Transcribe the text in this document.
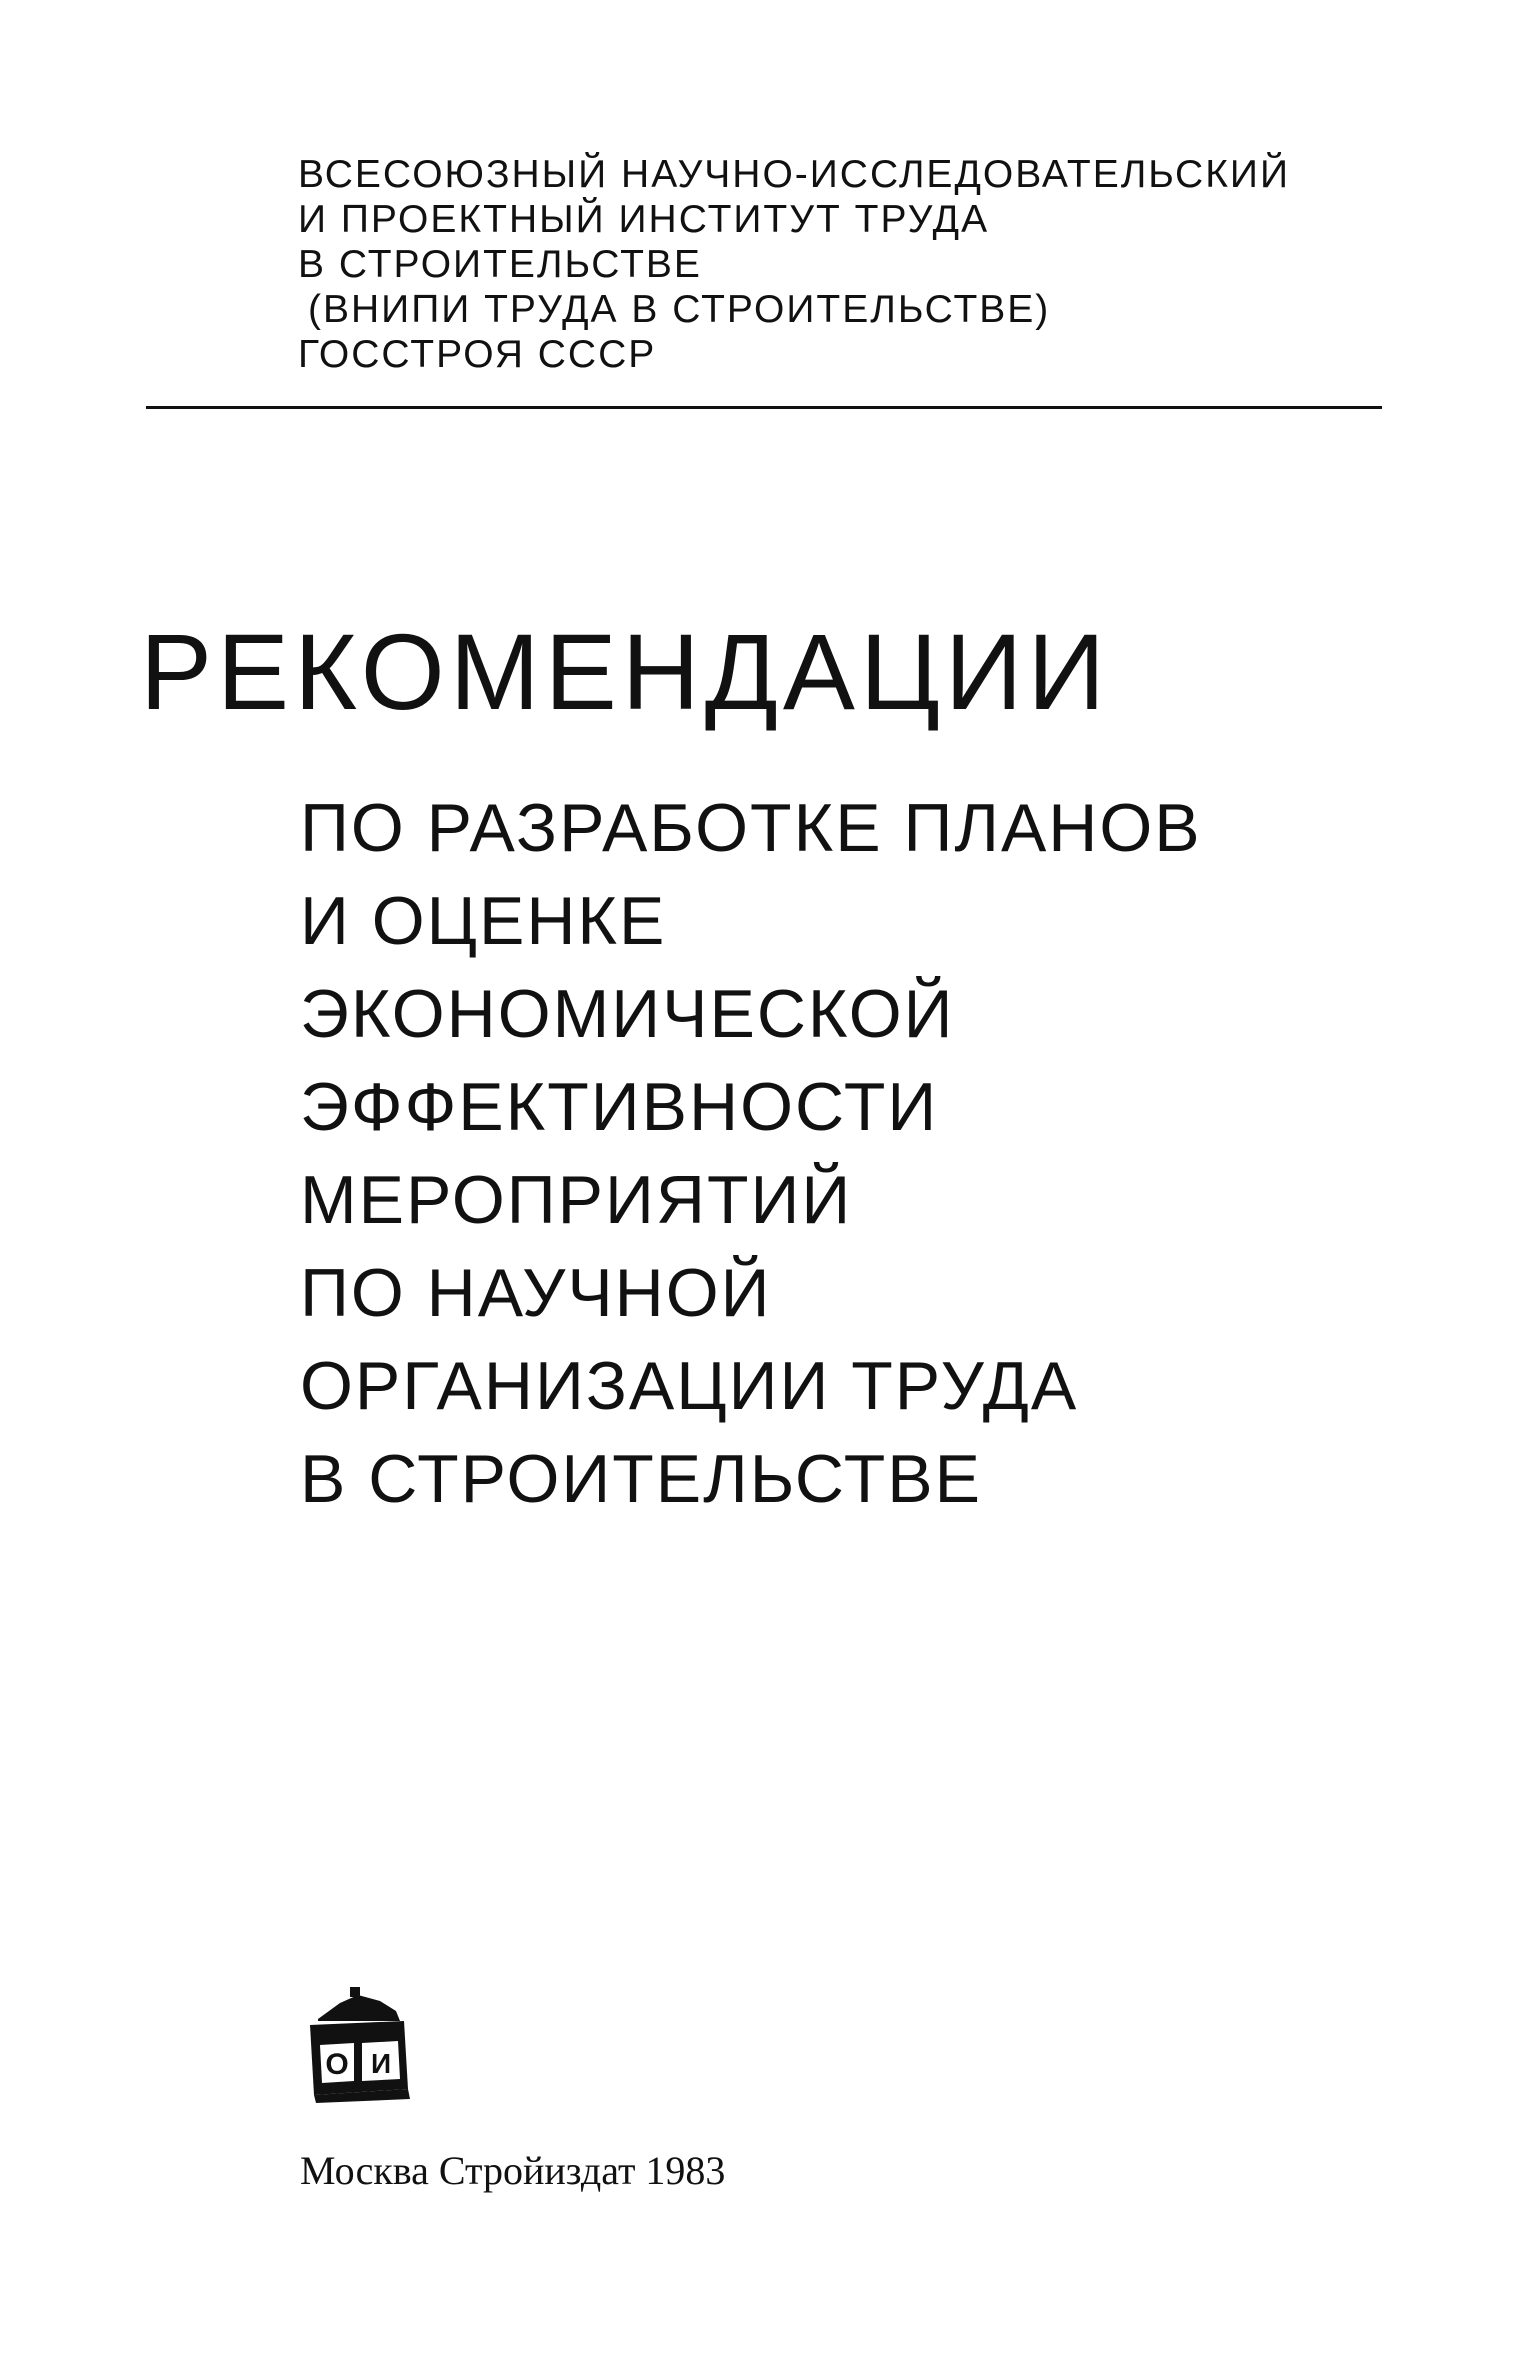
ВСЕСОЮЗНЫЙ НАУЧНО-ИССЛЕДОВАТЕЛЬСКИЙ
И ПРОЕКТНЫЙ ИНСТИТУТ ТРУДА
В СТРОИТЕЛЬСТВЕ
(ВНИПИ ТРУДА В СТРОИТЕЛЬСТВЕ)
ГОССТРОЯ СССР
РЕКОМЕНДАЦИИ
ПО РАЗРАБОТКЕ ПЛАНОВ
И ОЦЕНКЕ
ЭКОНОМИЧЕСКОЙ
ЭФФЕКТИВНОСТИ
МЕРОПРИЯТИЙ
ПО НАУЧНОЙ
ОРГАНИЗАЦИИ ТРУДА
В СТРОИТЕЛЬСТВЕ
О И
Москва Стройиздат 1983
